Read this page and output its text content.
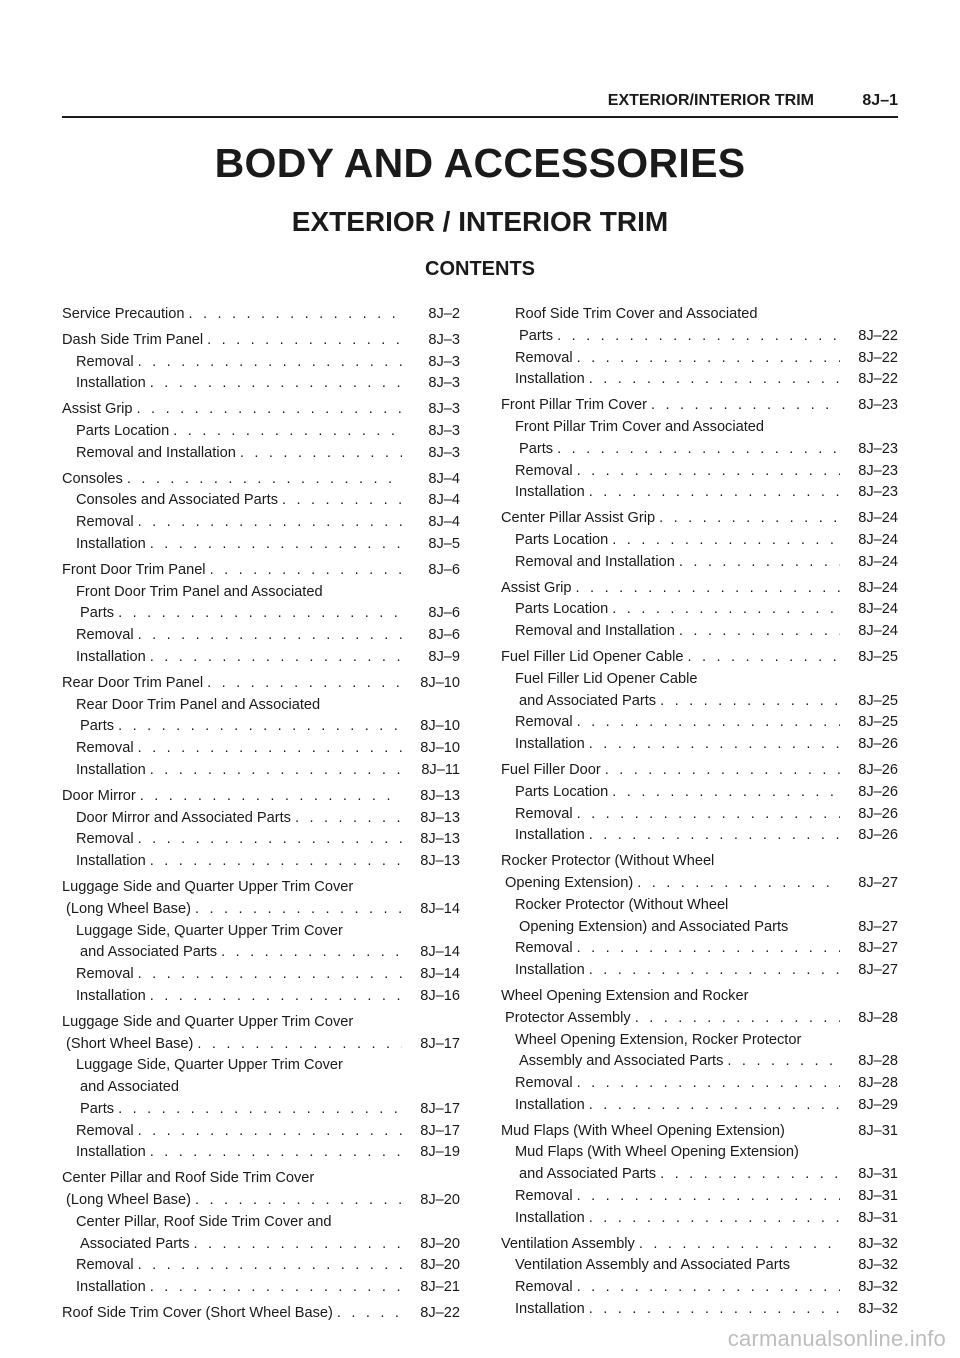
EXTERIOR/INTERIOR TRIM	8J–1
BODY AND ACCESSORIES
EXTERIOR / INTERIOR TRIM
CONTENTS
Service Precaution . . .	8J–2
Dash Side Trim Panel . . .	8J–3
Removal . . .	8J–3
Installation . . .	8J–3
Assist Grip . . .	8J–3
Parts Location . . .	8J–3
Removal and Installation . . .	8J–3
Consoles . . .	8J–4
Consoles and Associated Parts . . .	8J–4
Removal . . .	8J–4
Installation . . .	8J–5
Front Door Trim Panel . . .	8J–6
Front Door Trim Panel and Associated
Parts . . .	8J–6
Removal . . .	8J–6
Installation . . .	8J–9
Rear Door Trim Panel . . .	8J–10
Rear Door Trim Panel and Associated
Parts . . .	8J–10
Removal . . .	8J–10
Installation . . .	8J–11
Door Mirror . . .	8J–13
Door Mirror and Associated Parts . . .	8J–13
Removal . . .	8J–13
Installation . . .	8J–13
Luggage Side and Quarter Upper Trim Cover
(Long Wheel Base) . . .	8J–14
Luggage Side, Quarter Upper Trim Cover
and Associated Parts . . .	8J–14
Removal . . .	8J–14
Installation . . .	8J–16
Luggage Side and Quarter Upper Trim Cover
(Short Wheel Base) . . .	8J–17
Luggage Side, Quarter Upper Trim Cover
and Associated
Parts . . .	8J–17
Removal . . .	8J–17
Installation . . .	8J–19
Center Pillar and Roof Side Trim Cover
(Long Wheel Base) . . .	8J–20
Center Pillar, Roof Side Trim Cover and
Associated Parts . . .	8J–20
Removal . . .	8J–20
Installation . . .	8J–21
Roof Side Trim Cover (Short Wheel Base) . . .	8J–22
Roof Side Trim Cover and Associated
Parts . . .	8J–22
Removal . . .	8J–22
Installation . . .	8J–22
Front Pillar Trim Cover . . .	8J–23
Front Pillar Trim Cover and Associated
Parts . . .	8J–23
Removal . . .	8J–23
Installation . . .	8J–23
Center Pillar Assist Grip . . .	8J–24
Parts Location . . .	8J–24
Removal and Installation . . .	8J–24
Assist Grip . . .	8J–24
Parts Location . . .	8J–24
Removal and Installation . . .	8J–24
Fuel Filler Lid Opener Cable . . .	8J–25
Fuel Filler Lid Opener Cable
and Associated Parts . . .	8J–25
Removal . . .	8J–25
Installation . . .	8J–26
Fuel Filler Door . . .	8J–26
Parts Location . . .	8J–26
Removal . . .	8J–26
Installation . . .	8J–26
Rocker Protector (Without Wheel
Opening Extension) . . .	8J–27
Rocker Protector (Without Wheel
Opening Extension) and Associated Parts	8J–27
Removal . . .	8J–27
Installation . . .	8J–27
Wheel Opening Extension and Rocker
Protector Assembly . . .	8J–28
Wheel Opening Extension, Rocker Protector
Assembly and Associated Parts . . .	8J–28
Removal . . .	8J–28
Installation . . .	8J–29
Mud Flaps (With Wheel Opening Extension)	8J–31
Mud Flaps (With Wheel Opening Extension)
and Associated Parts . . .	8J–31
Removal . . .	8J–31
Installation . . .	8J–31
Ventilation Assembly . . .	8J–32
Ventilation Assembly and Associated Parts	8J–32
Removal . . .	8J–32
Installation . . .	8J–32
carmanualsonline.info
